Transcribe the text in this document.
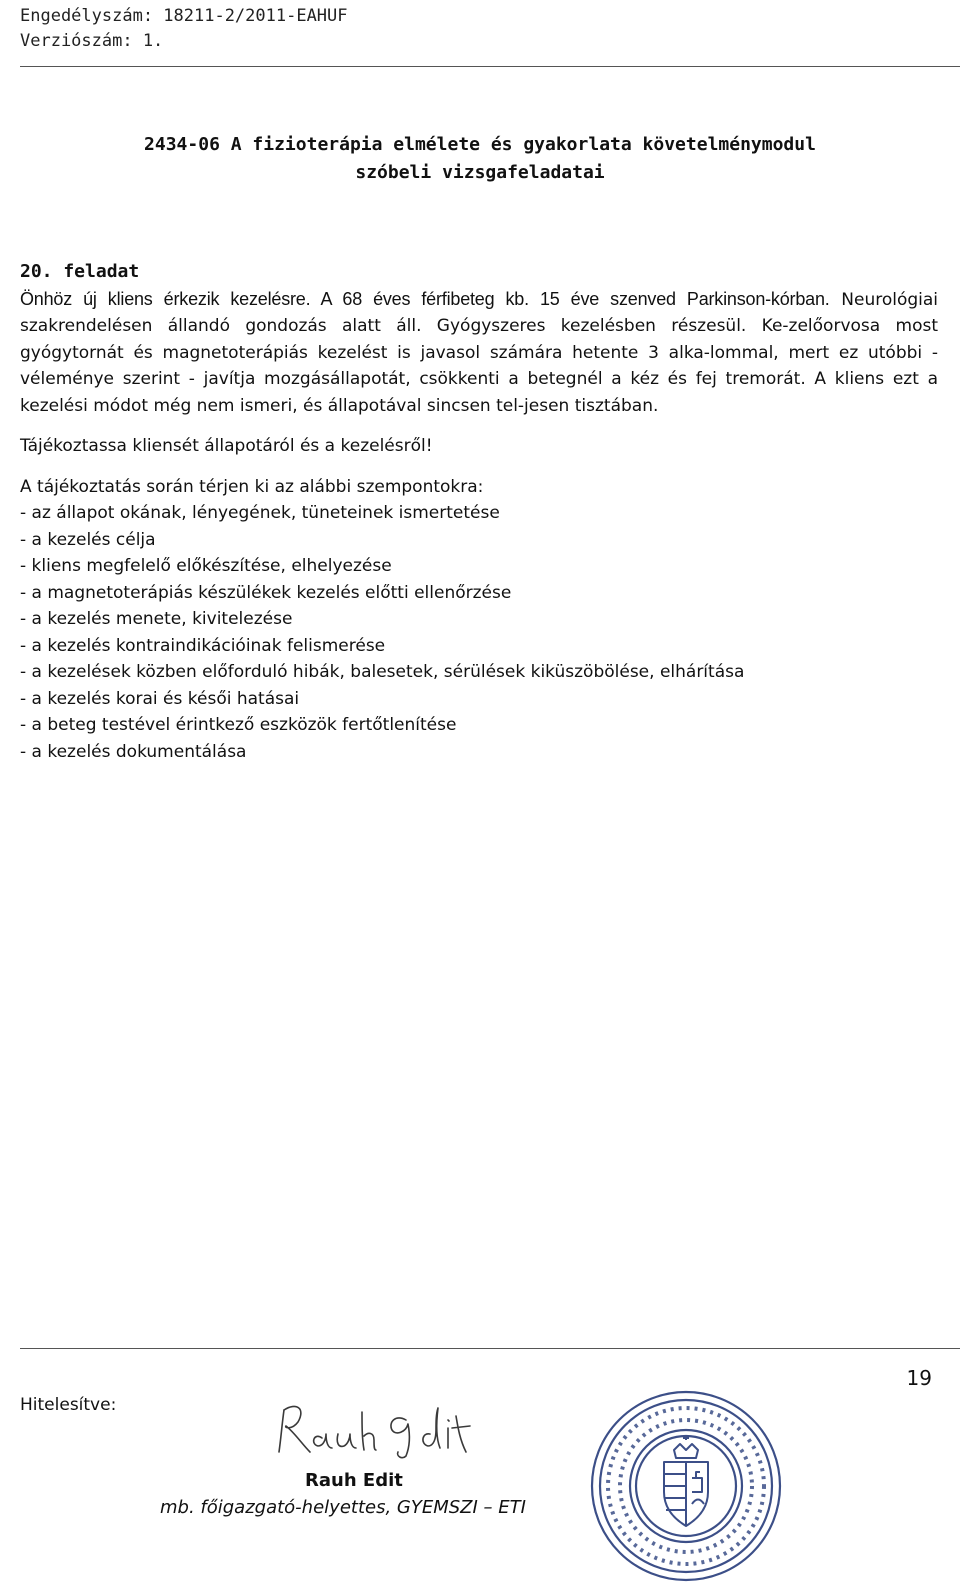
Engedélyszám: 18211-2/2011-EAHUF
Verziószám: 1.
2434-06 A fizioterápia elmélete és gyakorlata követelménymodul
szóbeli vizsgafeladatai
20. feladat
Önhöz új kliens érkezik kezelésre. A 68 éves férfibeteg kb. 15 éve szenved Parkinson-kórban. Neurológiai szakrendelésen állandó gondozás alatt áll. Gyógyszeres kezelésben részesül. Ke-zelőorvosa most gyógytornát és magnetoterápiás kezelést is javasol számára hetente 3 alka-lommal, mert ez utóbbi - véleménye szerint - javítja mozgásállapotát, csökkenti a betegnél a kéz és fej tremorát. A kliens ezt a kezelési módot még nem ismeri, és állapotával sincsen tel-jesen tisztában.
Tájékoztassa kliensét állapotáról és a kezelésről!
A tájékoztatás során térjen ki az alábbi szempontokra:
- az állapot okának, lényegének, tüneteinek ismertetése
- a kezelés célja
- kliens megfelelő előkészítése, elhelyezése
- a magnetoterápiás készülékek kezelés előtti ellenőrzése
- a kezelés menete, kivitelezése
- a kezelés kontraindikációinak felismerése
- a kezelések közben előforduló hibák, balesetek, sérülések kiküszöbölése, elhárítása
- a kezelés korai és késői hatásai
- a beteg testével érintkező eszközök fertőtlenítése
- a kezelés dokumentálása
19
Hitelesítve:
Rauh Edit
mb. főigazgató-helyettes, GYEMSZI – ETI
